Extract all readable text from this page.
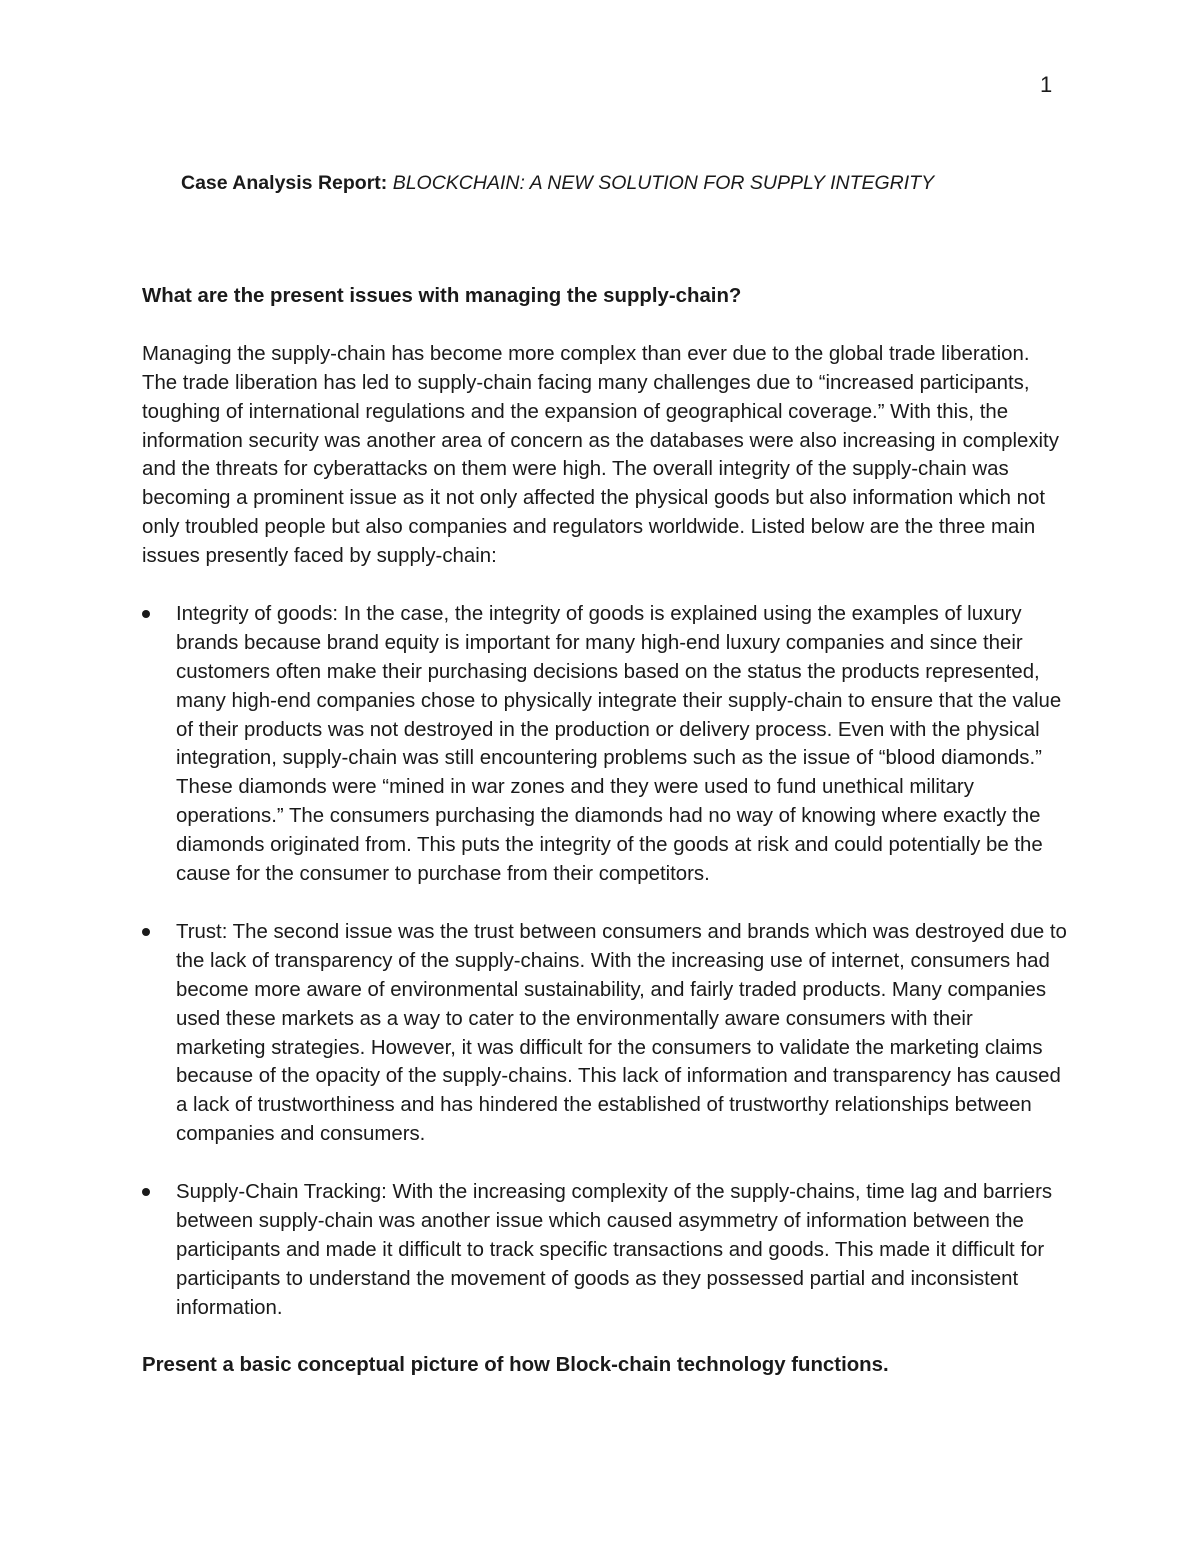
1
Case Analysis Report: BLOCKCHAIN: A NEW SOLUTION FOR SUPPLY INTEGRITY

What are the present issues with managing the supply-chain?

Managing the supply-chain has become more complex than ever due to the global trade liberation. The trade liberation has led to supply-chain facing many challenges due to “increased participants, toughing of international regulations and the expansion of geographical coverage.” With this, the information security was another area of concern as the databases were also increasing in complexity and the threats for cyberattacks on them were high. The overall integrity of the supply-chain was becoming a prominent issue as it not only affected the physical goods but also information which not only troubled people but also companies and regulators worldwide. Listed below are the three main issues presently faced by supply-chain:

Integrity of goods: In the case, the integrity of goods is explained using the examples of luxury brands because brand equity is important for many high-end luxury companies and since their customers often make their purchasing decisions based on the status the products represented, many high-end companies chose to physically integrate their supply-chain to ensure that the value of their products was not destroyed in the production or delivery process. Even with the physical integration, supply-chain was still encountering problems such as the issue of “blood diamonds.” These diamonds were “mined in war zones and they were used to fund unethical military operations.” The consumers purchasing the diamonds had no way of knowing where exactly the diamonds originated from. This puts the integrity of the goods at risk and could potentially be the cause for the consumer to purchase from their competitors.
Trust: The second issue was the trust between consumers and brands which was destroyed due to the lack of transparency of the supply-chains. With the increasing use of internet, consumers had become more aware of environmental sustainability, and fairly traded products. Many companies used these markets as a way to cater to the environmentally aware consumers with their marketing strategies. However, it was difficult for the consumers to validate the marketing claims because of the opacity of the supply-chains. This lack of information and transparency has caused a lack of trustworthiness and has hindered the established of trustworthy relationships between companies and consumers.
Supply-Chain Tracking: With the increasing complexity of the supply-chains, time lag and barriers between supply-chain was another issue which caused asymmetry of information between the participants and made it difficult to track specific transactions and goods. This made it difficult for participants to understand the movement of goods as they possessed partial and inconsistent information.

Present a basic conceptual picture of how Block-chain technology functions.
